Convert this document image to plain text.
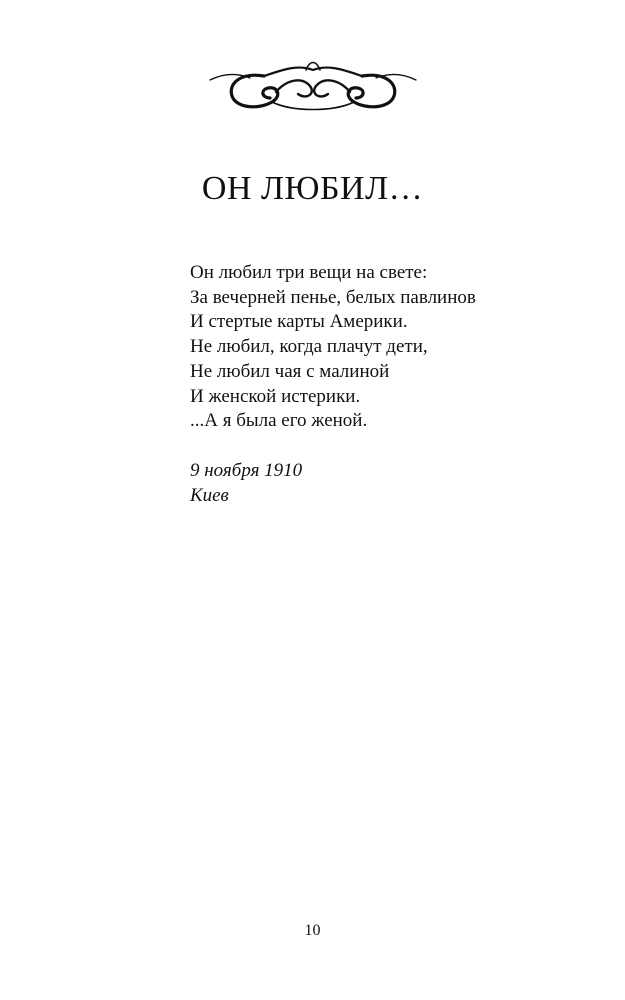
ОН ЛЮБИЛ…
Он любил три вещи на свете:
За вечерней пенье, белых павлинов
И стертые карты Америки.
Не любил, когда плачут дети,
Не любил чая с малиной
И женской истерики.
...А я была его женой.
9 ноября 1910
Киев
10
